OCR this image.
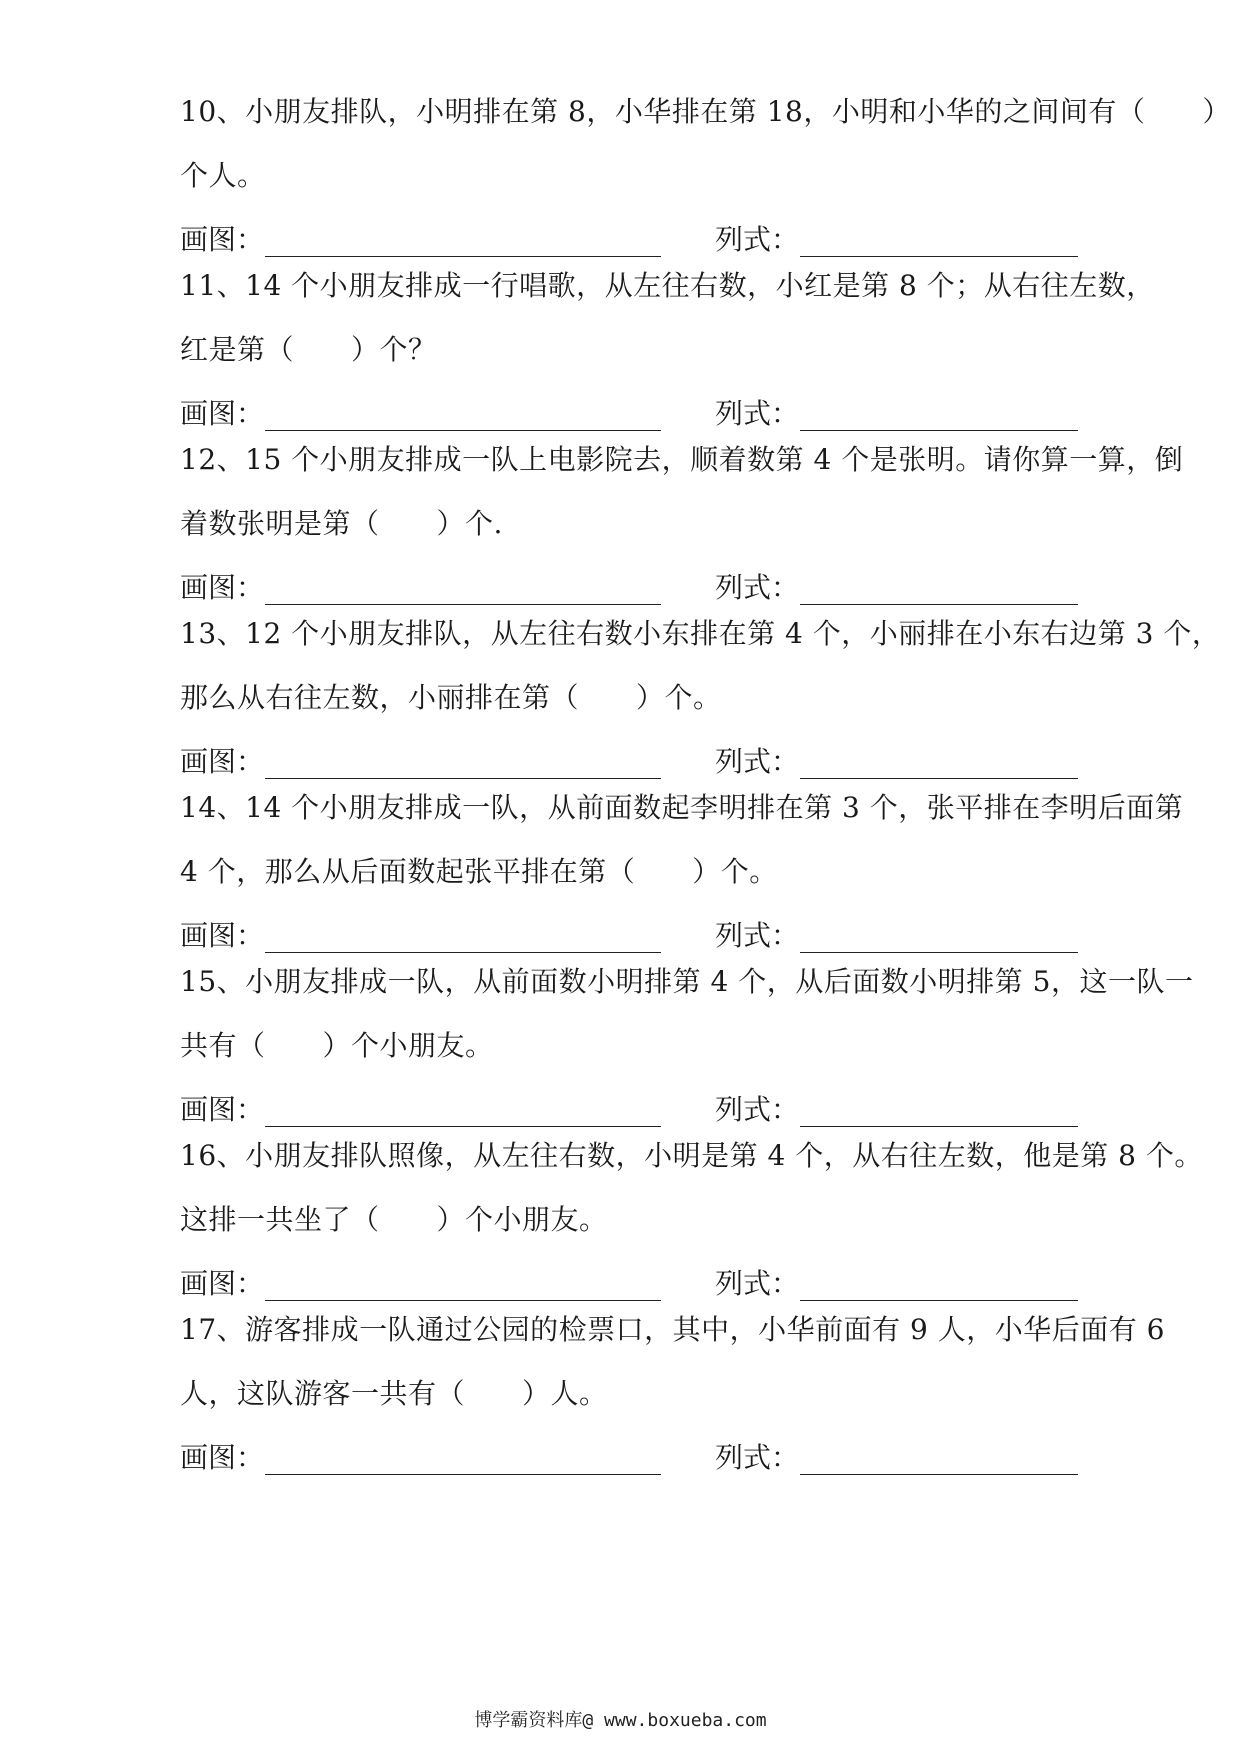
10、小朋友排队，小明排在第 8，小华排在第 18，小明和小华的之间间有（　　）
个人。
画图：	列式：
11、14 个小朋友排成一行唱歌，从左往右数，小红是第 8 个；从右往左数，
红是第（　　）个？
画图：	列式：
12、15 个小朋友排成一队上电影院去，顺着数第 4 个是张明。请你算一算，倒
着数张明是第（　　）个.
画图：	列式：
13、12 个小朋友排队，从左往右数小东排在第 4 个，小丽排在小东右边第 3 个，
那么从右往左数，小丽排在第（　　）个。
画图：	列式：
14、14 个小朋友排成一队，从前面数起李明排在第 3 个，张平排在李明后面第
4 个，那么从后面数起张平排在第（　　）个。
画图：	列式：
15、小朋友排成一队，从前面数小明排第 4 个，从后面数小明排第 5，这一队一
共有（　　）个小朋友。
画图：	列式：
16、小朋友排队照像，从左往右数，小明是第 4 个，从右往左数，他是第 8 个。
这排一共坐了（　　）个小朋友。
画图：	列式：
17、游客排成一队通过公园的检票口，其中，小华前面有 9 人，小华后面有 6
人，这队游客一共有（　　）人。
画图：	列式：
博学霸资料库@ www.boxueba.com
